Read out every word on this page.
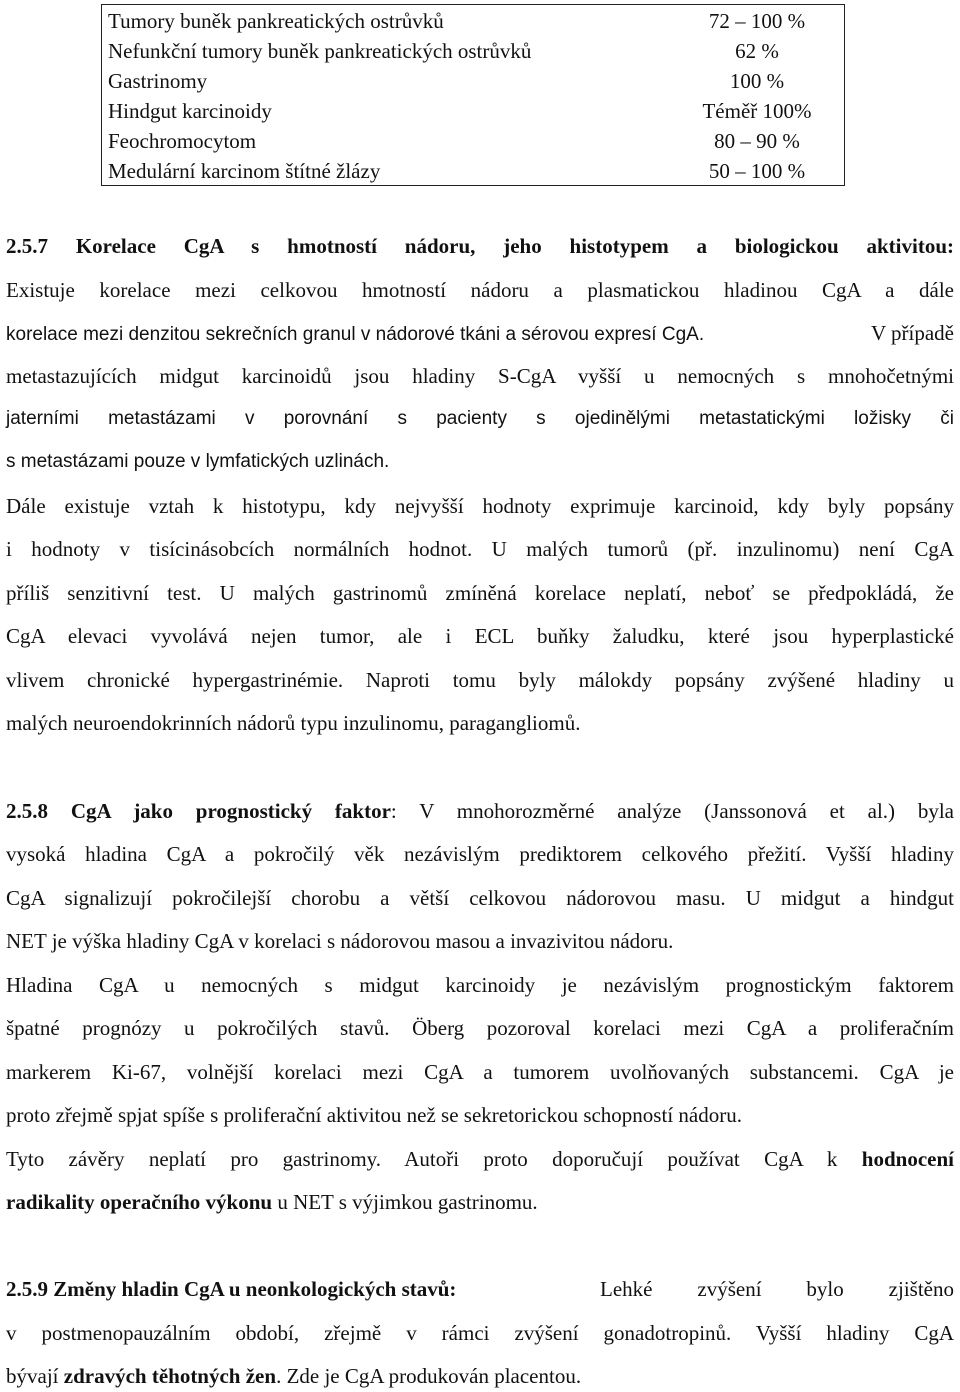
Tumory buněk pankreatických ostrůvků	72 – 100 %
Nefunkční tumory buněk pankreatických ostrůvků	62 %
Gastrinomy	100 %
Hindgut karcinoidy	Téměř 100%
Feochromocytom	80 – 90 %
Medulární karcinom štítné žlázy	50 – 100 %
2.5.7 Korelace CgA s hmotností nádoru, jeho histotypem a biologickou aktivitou:
Existuje korelace mezi celkovou hmotností nádoru a plasmatickou hladinou CgA a dále
korelace mezi denzitou sekrečních granul v nádorové tkáni a sérovou expresí CgA.	V případě
metastazujících midgut karcinoidů jsou hladiny S-CgA vyšší u nemocných s mnohočetnými
jaterními metastázami v porovnání s pacienty s ojedinělými metastatickými ložisky či
s metastázami pouze v lymfatických uzlinách.
Dále existuje vztah k histotypu, kdy nejvyšší hodnoty exprimuje karcinoid, kdy byly popsány
i hodnoty v tisícinásobcích normálních hodnot. U malých tumorů (př. inzulinomu) není CgA
příliš senzitivní test. U malých gastrinomů zmíněná korelace neplatí, neboť se předpokládá, že
CgA elevaci vyvolává nejen tumor, ale i ECL buňky žaludku, které jsou hyperplastické
vlivem chronické hypergastrinémie. Naproti tomu byly málokdy popsány zvýšené hladiny u
malých neuroendokrinních nádorů typu inzulinomu, paragangliomů.
2.5.8 CgA jako prognostický faktor: V mnohorozměrné analýze (Janssonová et al.) byla
vysoká hladina CgA a pokročilý věk nezávislým prediktorem celkového přežití. Vyšší hladiny
CgA signalizují pokročilejší chorobu a větší celkovou nádorovou masu. U midgut a hindgut
NET je výška hladiny CgA v korelaci s nádorovou masou a invazivitou nádoru.
Hladina CgA u nemocných s midgut karcinoidy je nezávislým prognostickým faktorem
špatné prognózy u pokročilých stavů. Öberg pozoroval korelaci mezi CgA a proliferačním
markerem Ki-67, volnější korelaci mezi CgA a tumorem uvolňovaných substancemi. CgA je
proto zřejmě spjat spíše s proliferační aktivitou než se sekretorickou schopností nádoru.
Tyto závěry neplatí pro gastrinomy. Autoři proto doporučují používat CgA k hodnocení
radikality operačního výkonu u NET s výjimkou gastrinomu.
2.5.9 Změny hladin CgA u neonkologických stavů:	Lehké zvýšení bylo zjištěno
v postmenopauzálním období, zřejmě v rámci zvýšení gonadotropinů. Vyšší hladiny CgA
bývají zdravých těhotných žen. Zde je CgA produkován placentou.
